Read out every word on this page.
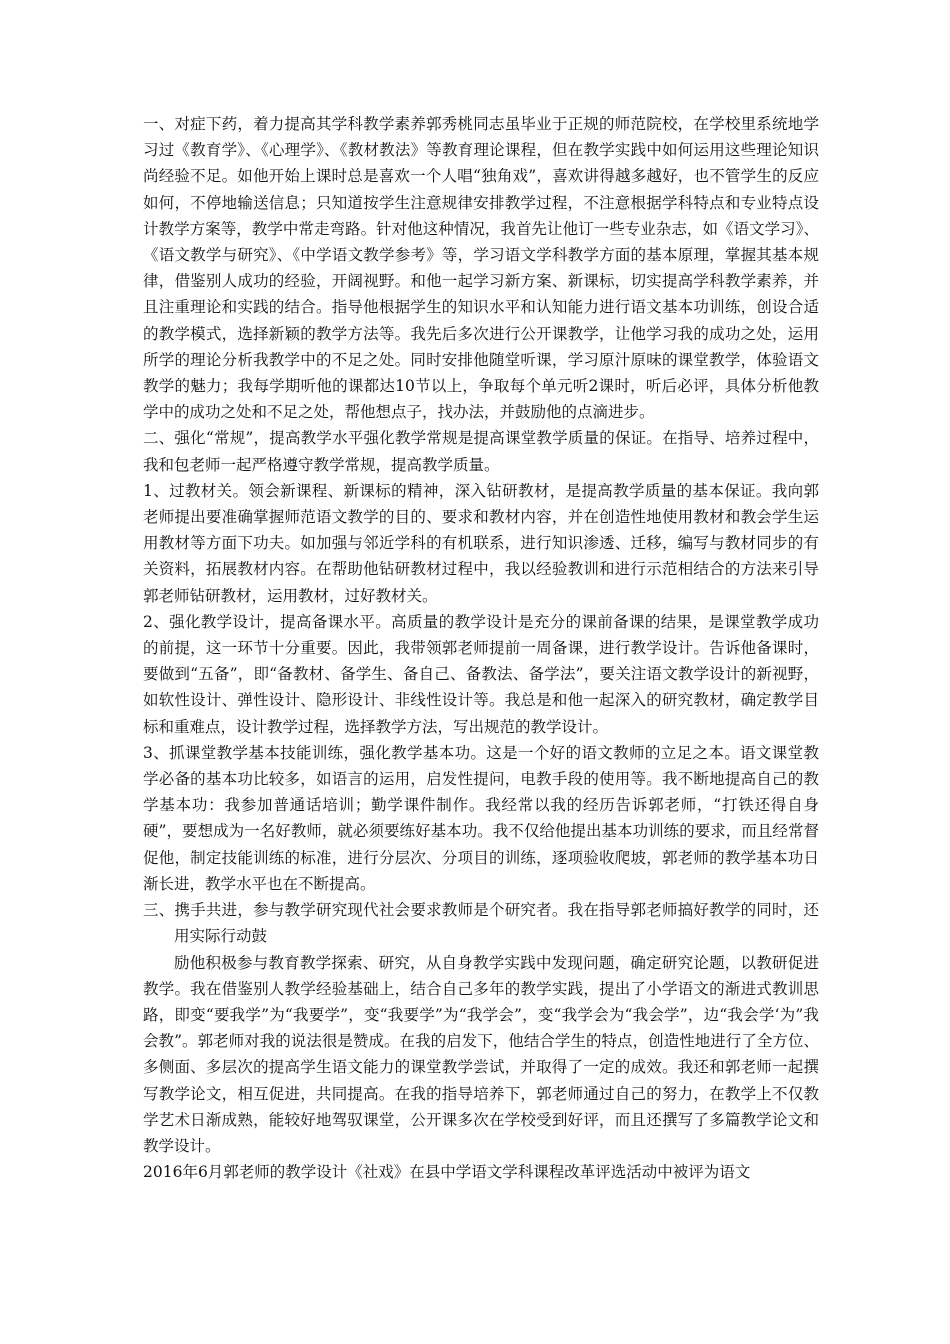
一、对症下药，着力提高其学科教学素养郭秀桃同志虽毕业于正规的师范院校，在学校里系统地学习过《教育学》、《心理学》、《教材教法》等教育理论课程，但在教学实践中如何运用这些理论知识尚经验不足。如他开始上课时总是喜欢一个人唱“独角戏”，喜欢讲得越多越好，也不管学生的反应如何，不停地输送信息；只知道按学生注意规律安排教学过程，不注意根据学科特点和专业特点设计教学方案等，教学中常走弯路。针对他这种情况，我首先让他订一些专业杂志，如《语文学习》、《语文教学与研究》、《中学语文教学参考》等，学习语文学科教学方面的基本原理，掌握其基本规律，借鉴别人成功的经验，开阔视野。和他一起学习新方案、新课标，切实提高学科教学素养，并且注重理论和实践的结合。指导他根据学生的知识水平和认知能力进行语文基本功训练，创设合适的教学模式，选择新颖的教学方法等。我先后多次进行公开课教学，让他学习我的成功之处，运用所学的理论分析我教学中的不足之处。同时安排他随堂听课，学习原汁原味的课堂教学，体验语文教学的魅力；我每学期听他的课都达10节以上，争取每个单元听2课时，听后必评，具体分析他教学中的成功之处和不足之处，帮他想点子，找办法，并鼓励他的点滴进步。

二、强化“常规”，提高教学水平强化教学常规是提高课堂教学质量的保证。在指导、培养过程中，我和包老师一起严格遵守教学常规，提高教学质量。

1、过教材关。领会新课程、新课标的精神，深入钻研教材，是提高教学质量的基本保证。我向郭老师提出要准确掌握师范语文教学的目的、要求和教材内容，并在创造性地使用教材和教会学生运用教材等方面下功夫。如加强与邻近学科的有机联系，进行知识渗透、迁移，编写与教材同步的有关资料，拓展教材内容。在帮助他钻研教材过程中，我以经验教训和进行示范相结合的方法来引导郭老师钻研教材，运用教材，过好教材关。

2、强化教学设计，提高备课水平。高质量的教学设计是充分的课前备课的结果，是课堂教学成功的前提，这一环节十分重要。因此，我带领郭老师提前一周备课，进行教学设计。告诉他备课时，要做到“五备”，即“备教材、备学生、备自己、备教法、备学法”，要关注语文教学设计的新视野，如软性设计、弹性设计、隐形设计、非线性设计等。我总是和他一起深入的研究教材，确定教学目标和重难点，设计教学过程，选择教学方法，写出规范的教学设计。

3、抓课堂教学基本技能训练，强化教学基本功。这是一个好的语文教师的立足之本。语文课堂教学必备的基本功比较多，如语言的运用，启发性提问，电教手段的使用等。我不断地提高自己的教学基本功：我参加普通话培训；勤学课件制作。我经常以我的经历告诉郭老师，“打铁还得自身硬”，要想成为一名好教师，就必须要练好基本功。我不仅给他提出基本功训练的要求，而且经常督促他，制定技能训练的标准，进行分层次、分项目的训练，逐项验收爬坡，郭老师的教学基本功日渐长进，教学水平也在不断提高。

三、携手共进，参与教学研究现代社会要求教师是个研究者。我在指导郭老师搞好教学的同时，还用实际行动鼓

励他积极参与教育教学探索、研究，从自身教学实践中发现问题，确定研究论题，以教研促进教学。我在借鉴别人教学经验基础上，结合自己多年的教学实践，提出了小学语文的渐进式教训思路，即变“要我学”为“我要学”，变“我要学”为“我学会”，变“我学会为“我会学”，边“我会学‘为”我会教”。郭老师对我的说法很是赞成。在我的启发下，他结合学生的特点，创造性地进行了全方位、多侧面、多层次的提高学生语文能力的课堂教学尝试，并取得了一定的成效。我还和郭老师一起撰写教学论文，相互促进，共同提高。在我的指导培养下，郭老师通过自己的努力，在教学上不仅教学艺术日渐成熟，能较好地驾驭课堂，公开课多次在学校受到好评，而且还撰写了多篇教学论文和教学设计。

2016年6月郭老师的教学设计《社戏》在县中学语文学科课程改革评选活动中被评为语文
